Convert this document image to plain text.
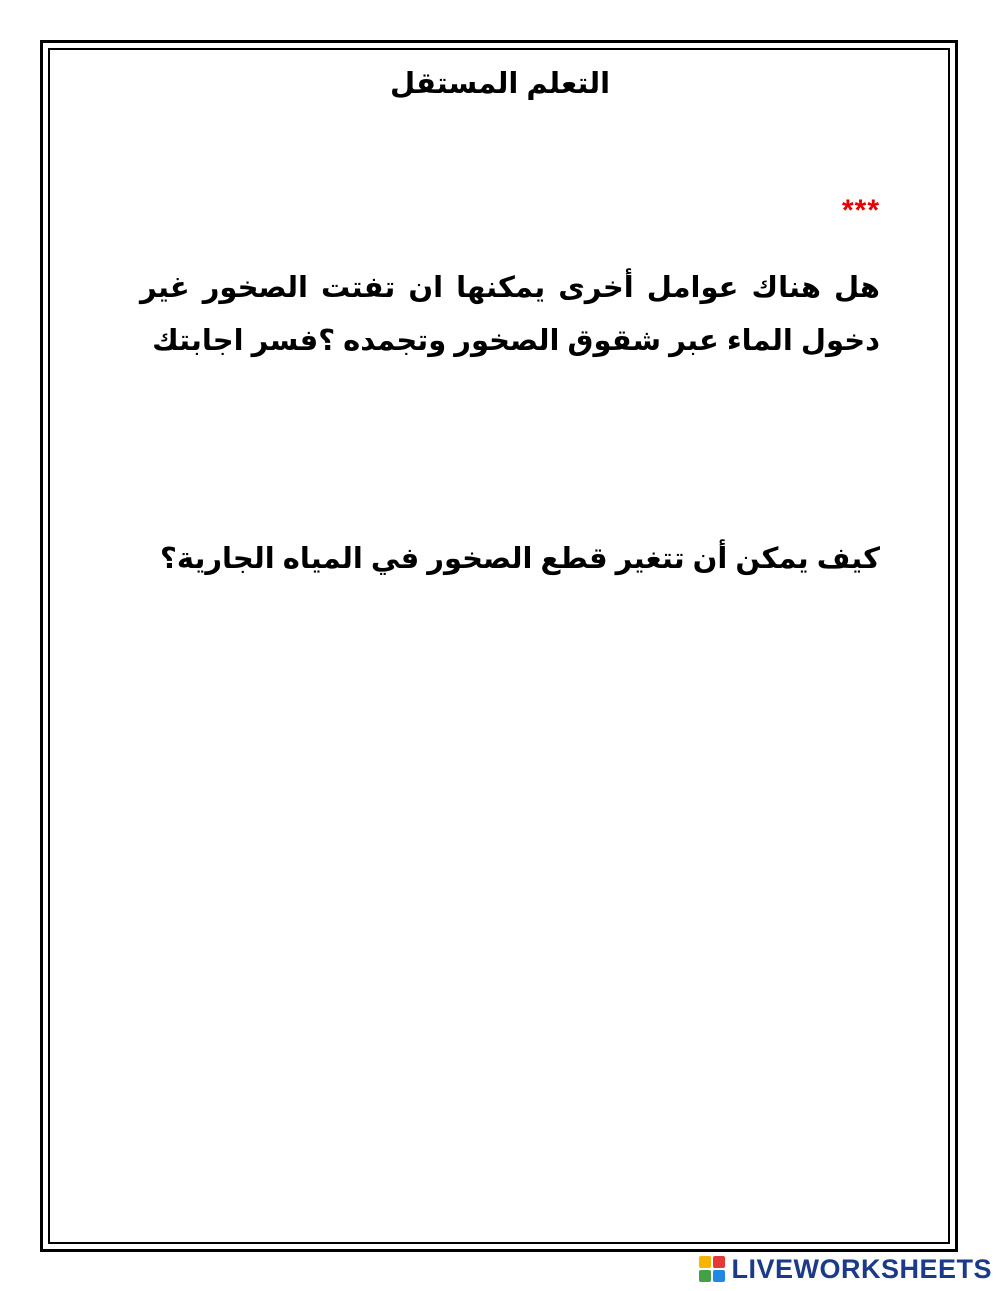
التعلم المستقل
***
هل هناك عوامل أخرى يمكنها ان تفتت الصخور غير دخول الماء عبر شقوق الصخور وتجمده ؟فسر اجابتك
كيف يمكن أن تتغير قطع الصخور في المياه الجارية؟
LIVEWORKSHEETS
